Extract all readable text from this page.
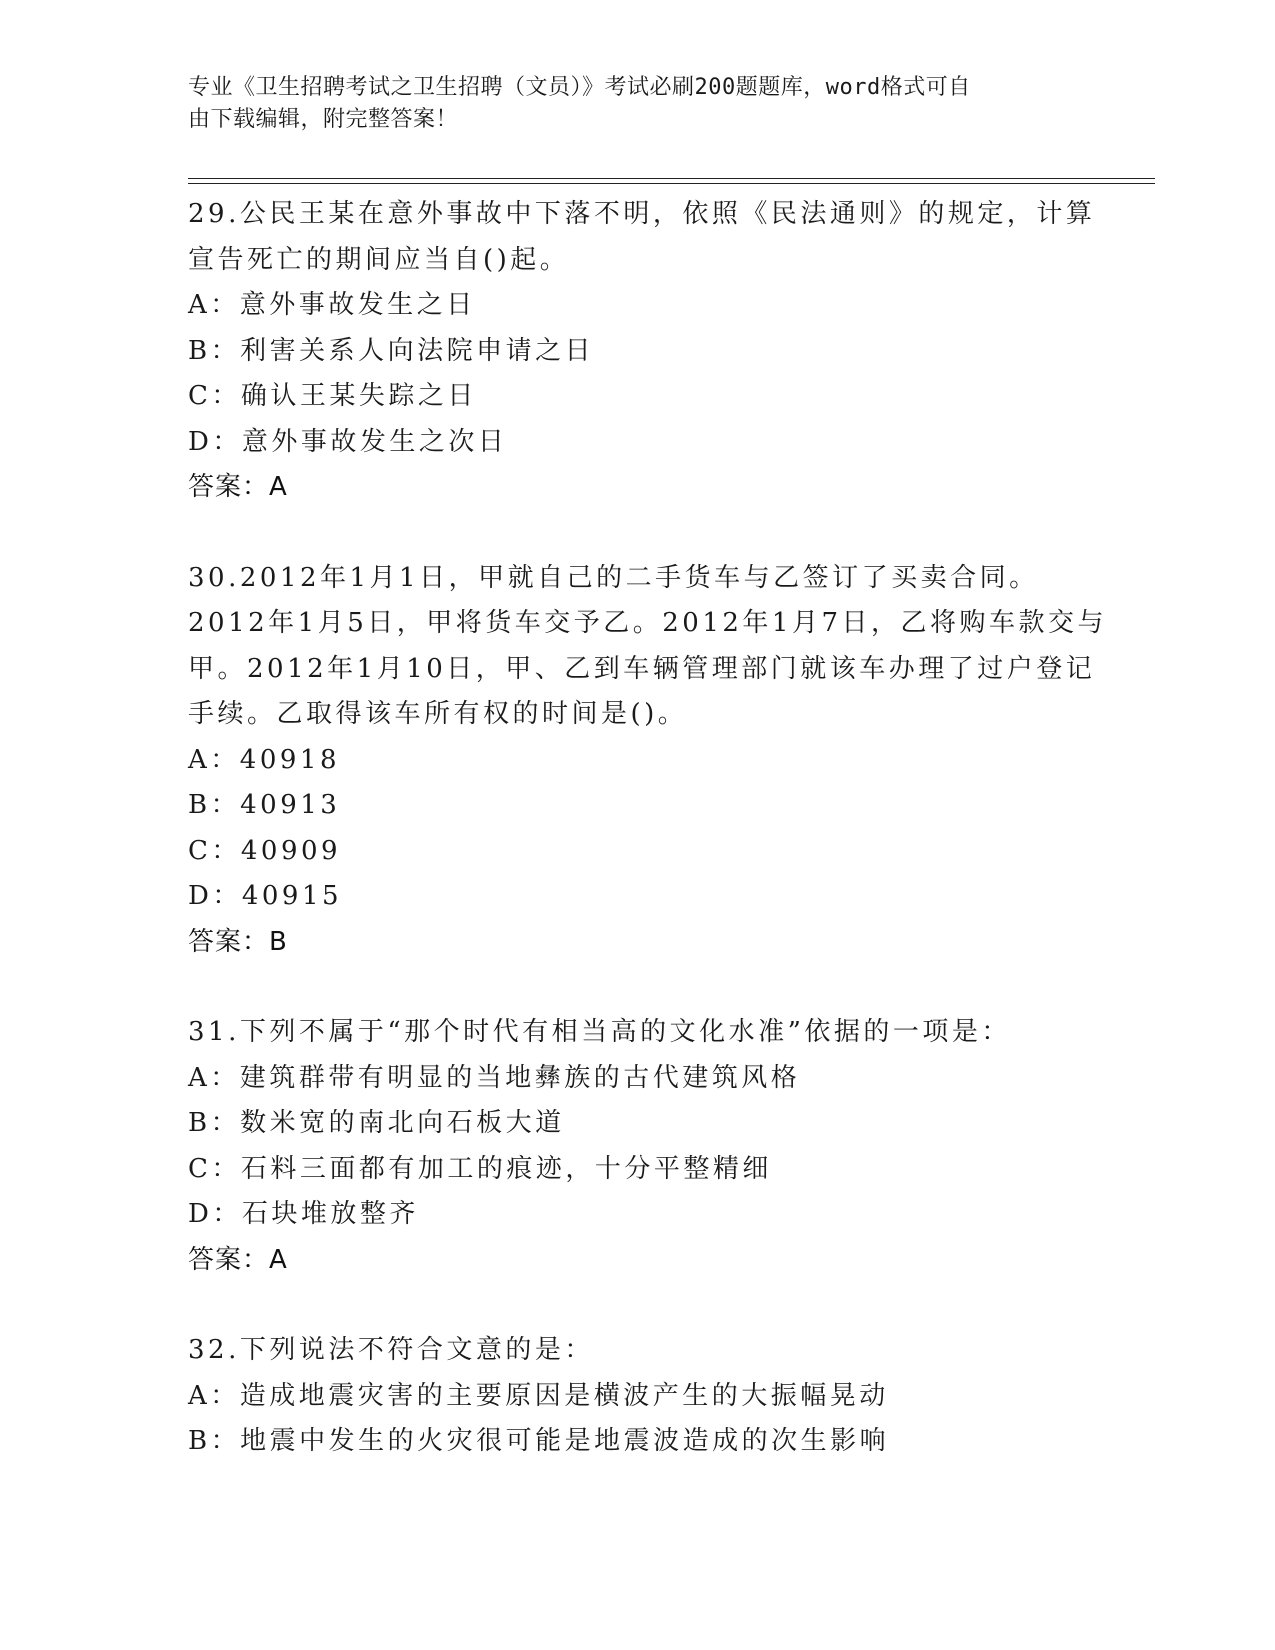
专业《卫生招聘考试之卫生招聘（文员）》考试必刷200题题库，word格式可自
由下载编辑，附完整答案！
29.公民王某在意外事故中下落不明，依照《民法通则》的规定，计算宣告死亡的期间应当自()起。
A：意外事故发生之日
B：利害关系人向法院申请之日
C：确认王某失踪之日
D：意外事故发生之次日
答案：A
30.2012年1月1日，甲就自己的二手货车与乙签订了买卖合同。2012年1月5日，甲将货车交予乙。2012年1月7日，乙将购车款交与甲。2012年1月10日，甲、乙到车辆管理部门就该车办理了过户登记手续。乙取得该车所有权的时间是()。
A：40918
B：40913
C：40909
D：40915
答案：B
31.下列不属于“那个时代有相当高的文化水准”依据的一项是：
A：建筑群带有明显的当地彝族的古代建筑风格
B：数米宽的南北向石板大道
C：石料三面都有加工的痕迹，十分平整精细
D：石块堆放整齐
答案：A
32.下列说法不符合文意的是：
A：造成地震灾害的主要原因是横波产生的大振幅晃动
B：地震中发生的火灾很可能是地震波造成的次生影响
